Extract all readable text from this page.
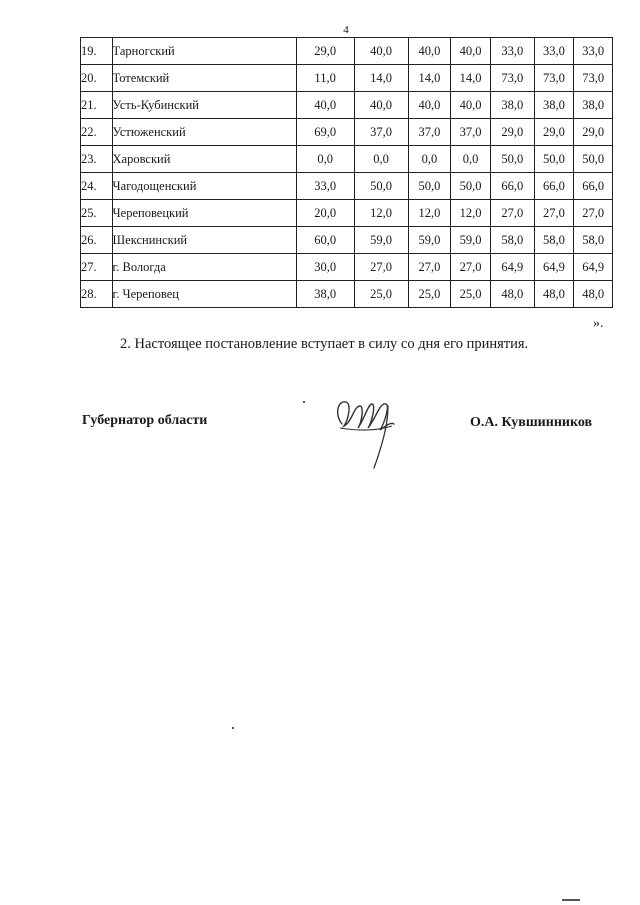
4
19.	Тарногский	29,0	40,0	40,0	40,0	33,0	33,0	33,0
20.	Тотемский	11,0	14,0	14,0	14,0	73,0	73,0	73,0
21.	Усть-Кубинский	40,0	40,0	40,0	40,0	38,0	38,0	38,0
22.	Устюженский	69,0	37,0	37,0	37,0	29,0	29,0	29,0
23.	Харовский	0,0	0,0	0,0	0,0	50,0	50,0	50,0
24.	Чагодощенский	33,0	50,0	50,0	50,0	66,0	66,0	66,0
25.	Череповецкий	20,0	12,0	12,0	12,0	27,0	27,0	27,0
26.	Шекснинский	60,0	59,0	59,0	59,0	58,0	58,0	58,0
27.	г. Вологда	30,0	27,0	27,0	27,0	64,9	64,9	64,9
28.	г. Череповец	38,0	25,0	25,0	25,0	48,0	48,0	48,0
».
2. Настоящее постановление вступает в силу со дня его принятия.
Губернатор области	О.А. Кувшинников
